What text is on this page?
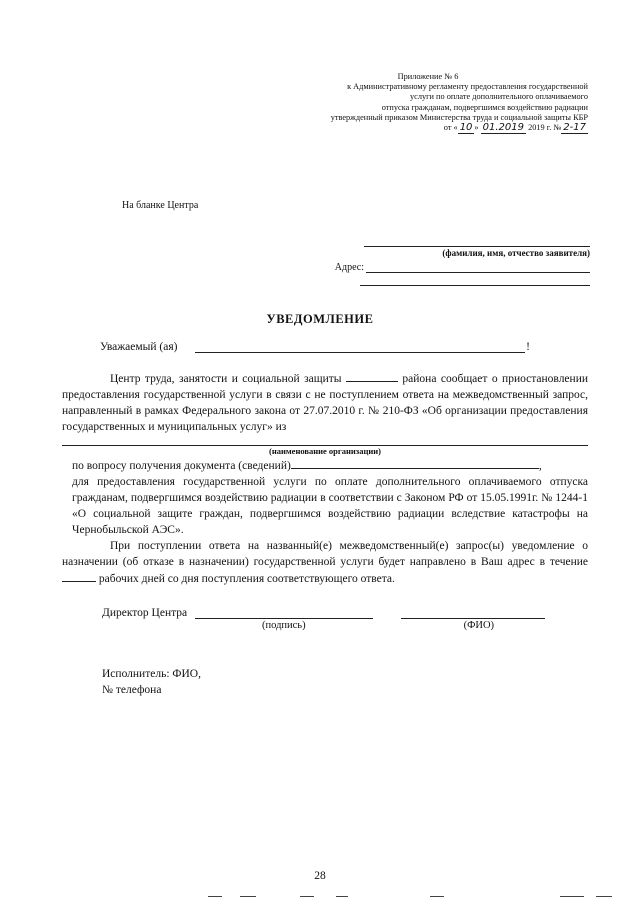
Приложение № 6
к Административному регламенту предоставления государственной
услуги по оплате дополнительного оплачиваемого
отпуска гражданам, подвергшимся воздействию радиации
утвержденный приказом Министерства труда и социальной защиты КБР
от « 10 » 01.2019 2019 г. № 2-17
На бланке Центра
(фамилия, имя, отчество заявителя)
Адрес:
УВЕДОМЛЕНИЕ
Уважаемый (ая)	!

Центр труда, занятости и социальной защиты	района сообщает о приостановлении предоставления государственной услуги в связи с не поступлением ответа на межведомственный запрос, направленный в рамках Федерального закона от 27.07.2010 г. № 210-ФЗ «Об организации предоставления государственных и муниципальных услуг» из

(наименование организации)

по вопросу получения документа (сведений)	,

для предоставления государственной услуги по оплате дополнительного оплачиваемого отпуска гражданам, подвергшимся воздействию радиации в соответствии с Законом РФ от 15.05.1991г. № 1244-1 «О социальной защите граждан, подвергшимся воздействию радиации вследствие катастрофы на Чернобыльской АЭС».

При поступлении ответа на названный(е) межведомственный(е) запрос(ы) уведомление о назначении (об отказе в назначении) государственной услуги будет направлено в Ваш адрес в течение  рабочих дней со дня поступления соответствующего ответа.

Директор Центра
(подпись)	(ФИО)
Исполнитель: ФИО,
№ телефона
28
